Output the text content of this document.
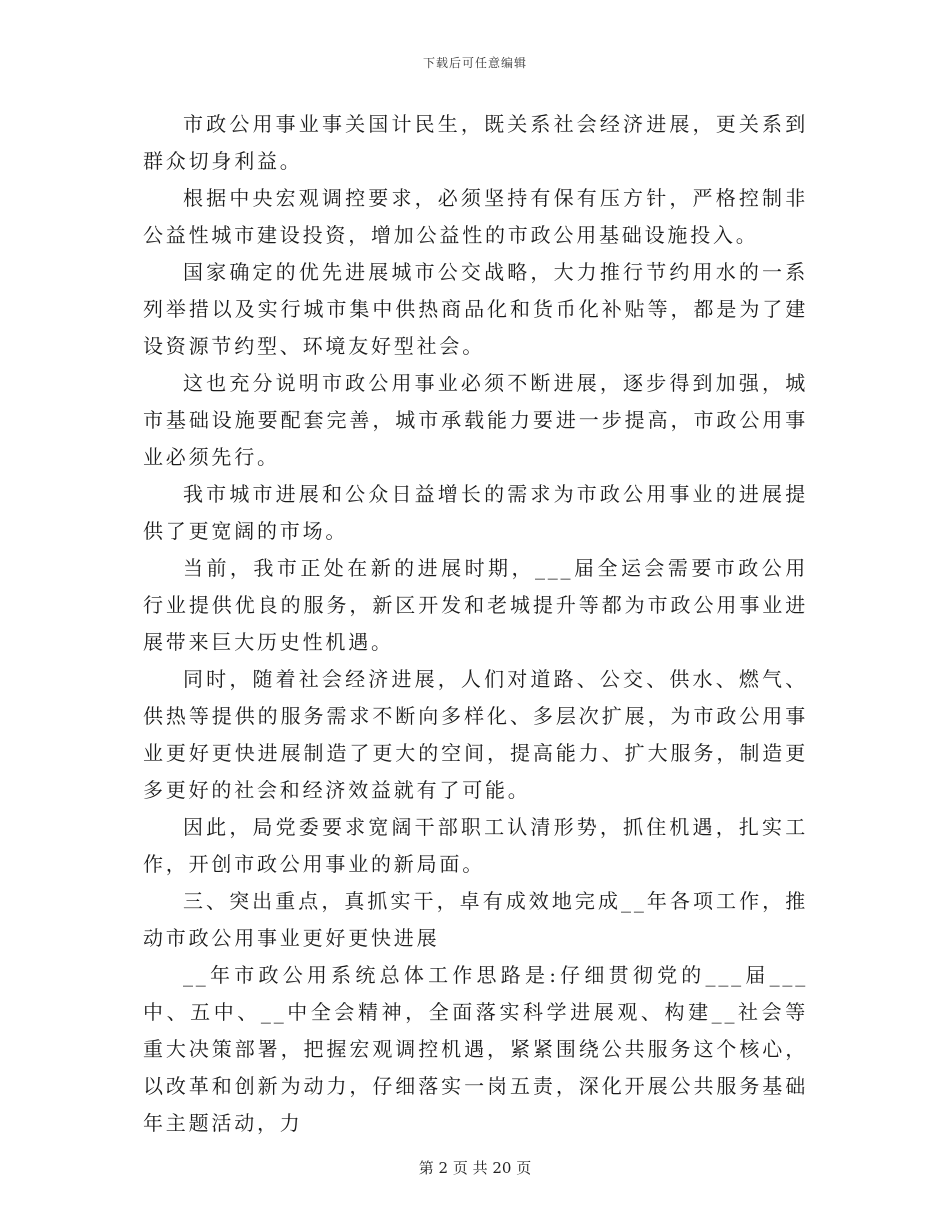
下载后可任意编辑

市政公用事业事关国计民生，既关系社会经济进展，更关系到群众切身利益。

根据中央宏观调控要求，必须坚持有保有压方针，严格控制非公益性城市建设投资，增加公益性的市政公用基础设施投入。

国家确定的优先进展城市公交战略，大力推行节约用水的一系列举措以及实行城市集中供热商品化和货币化补贴等，都是为了建设资源节约型、环境友好型社会。

这也充分说明市政公用事业必须不断进展，逐步得到加强，城市基础设施要配套完善，城市承载能力要进一步提高，市政公用事业必须先行。

我市城市进展和公众日益增长的需求为市政公用事业的进展提供了更宽阔的市场。

当前，我市正处在新的进展时期，___届全运会需要市政公用行业提供优良的服务，新区开发和老城提升等都为市政公用事业进展带来巨大历史性机遇。

同时，随着社会经济进展，人们对道路、公交、供水、燃气、供热等提供的服务需求不断向多样化、多层次扩展，为市政公用事业更好更快进展制造了更大的空间，提高能力、扩大服务，制造更多更好的社会和经济效益就有了可能。

因此，局党委要求宽阔干部职工认清形势，抓住机遇，扎实工作，开创市政公用事业的新局面。

三、突出重点，真抓实干，卓有成效地完成__年各项工作，推动市政公用事业更好更快进展

__年市政公用系统总体工作思路是:仔细贯彻党的___届___中、五中、__中全会精神，全面落实科学进展观、构建__社会等重大决策部署，把握宏观调控机遇，紧紧围绕公共服务这个核心，以改革和创新为动力，仔细落实一岗五责，深化开展公共服务基础年主题活动，力

第 2 页 共 20 页
